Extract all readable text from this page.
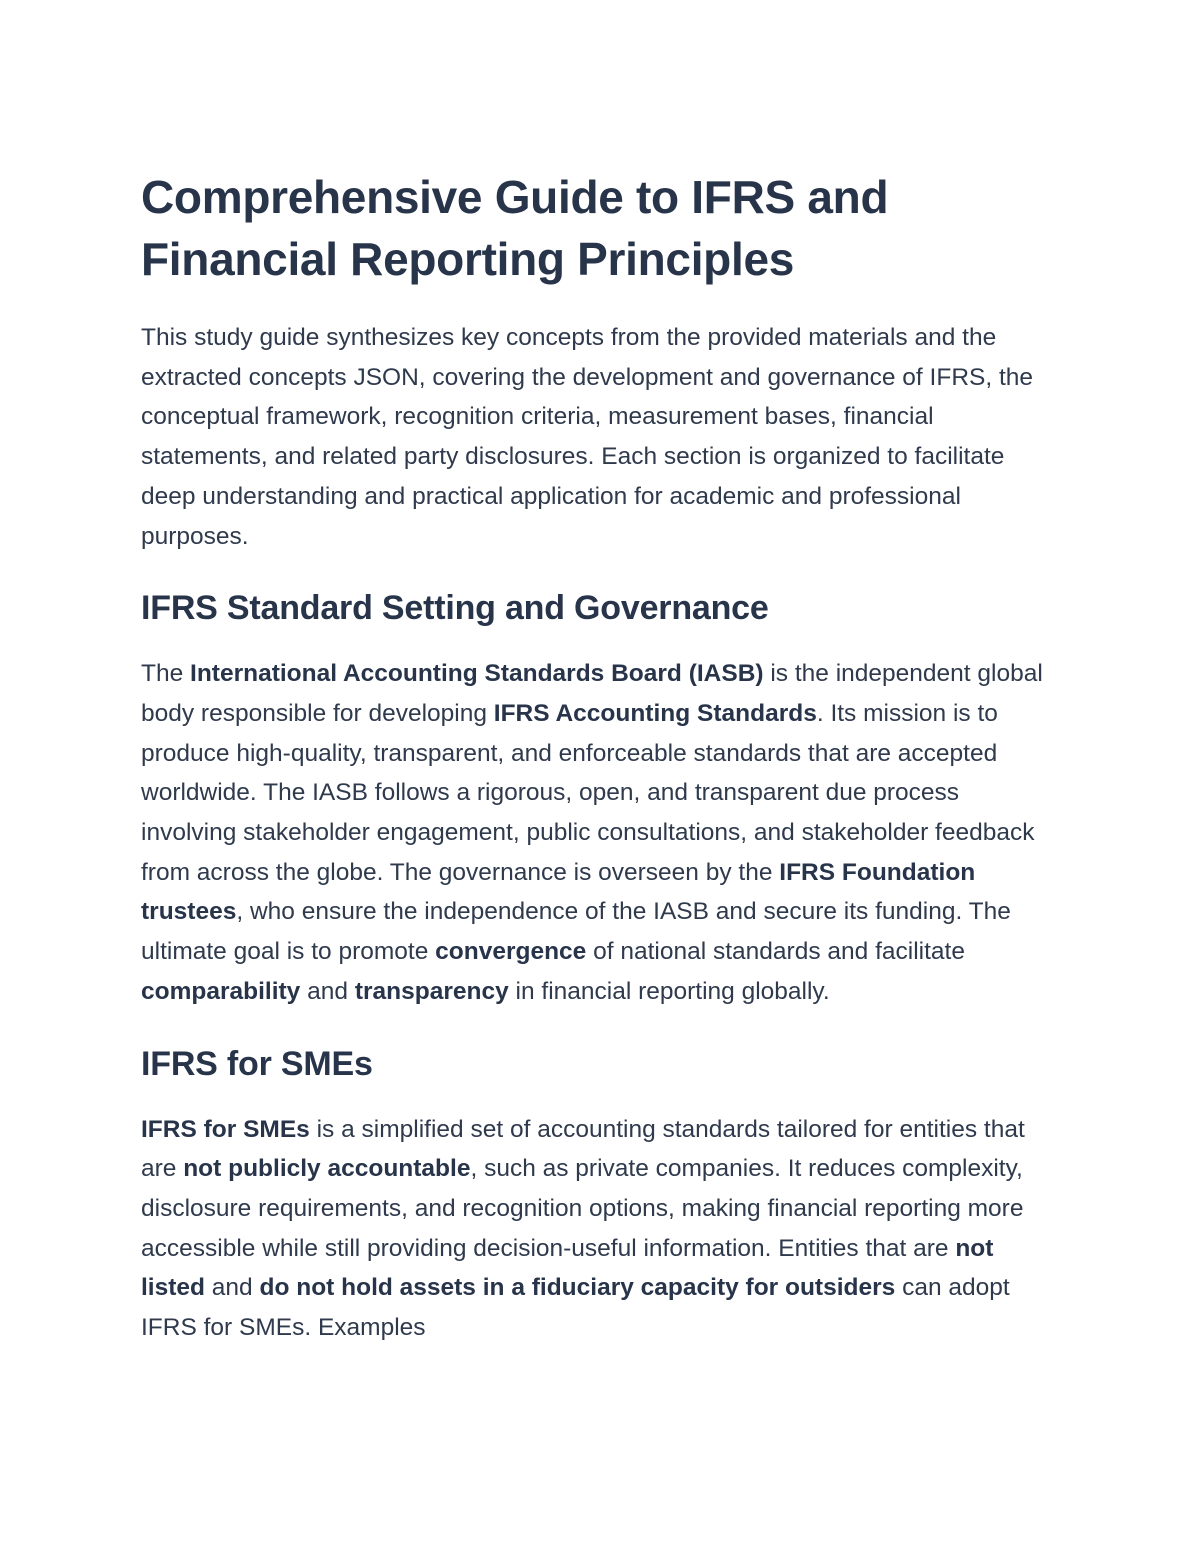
Comprehensive Guide to IFRS and Financial Reporting Principles

This study guide synthesizes key concepts from the provided materials and the extracted concepts JSON, covering the development and governance of IFRS, the conceptual framework, recognition criteria, measurement bases, financial statements, and related party disclosures. Each section is organized to facilitate deep understanding and practical application for academic and professional purposes.

IFRS Standard Setting and Governance

The International Accounting Standards Board (IASB) is the independent global body responsible for developing IFRS Accounting Standards. Its mission is to produce high-quality, transparent, and enforceable standards that are accepted worldwide. The IASB follows a rigorous, open, and transparent due process involving stakeholder engagement, public consultations, and stakeholder feedback from across the globe. The governance is overseen by the IFRS Foundation trustees, who ensure the independence of the IASB and secure its funding. The ultimate goal is to promote convergence of national standards and facilitate comparability and transparency in financial reporting globally.

IFRS for SMEs

IFRS for SMEs is a simplified set of accounting standards tailored for entities that are not publicly accountable, such as private companies. It reduces complexity, disclosure requirements, and recognition options, making financial reporting more accessible while still providing decision-useful information. Entities that are not listed and do not hold assets in a fiduciary capacity for outsiders can adopt IFRS for SMEs. Examples
